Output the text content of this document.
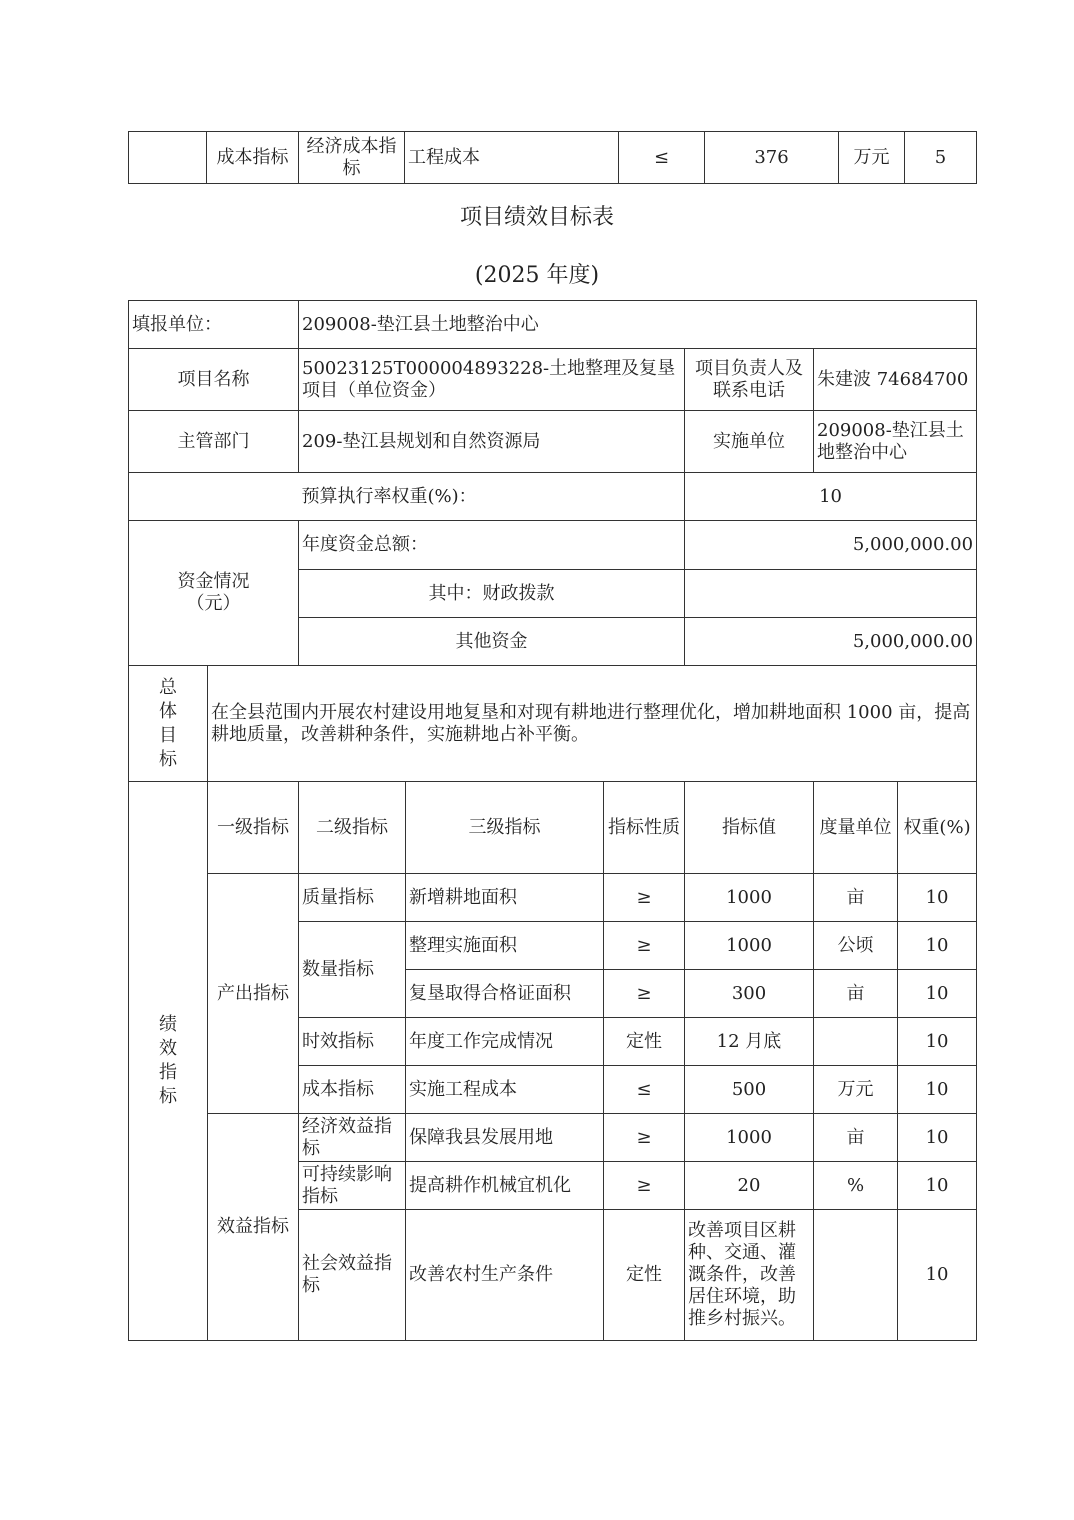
	成本指标	经济成本指标	工程成本	≤	376	万元	5
项目绩效目标表
(2025 年度)
填报单位：		209008-垫江县土地整治中心					
项目名称		50023125T000004893228-土地整理及复垦项目（单位资金）			项目负责人及联系电话	朱建波 74684700	
主管部门		209-垫江县规划和自然资源局			实施单位	209008-垫江县土地整治中心	
		预算执行率权重(%)：			10		

资金情况（元）		年度资金总额：			5,000,000.00		
		其中：财政拨款					
		其他资金			5,000,000.00		

总体目标	在全县范围内开展农村建设用地复垦和对现有耕地进行整理优化，增加耕地面积 1000 亩，提高耕地质量，改善耕种条件，实施耕地占补平衡。						

绩效指标	一级指标	二级指标	三级指标	指标性质	指标值	度量单位	权重(%)
	产出指标	质量指标	新增耕地面积	≥	1000	亩	10
		数量指标	整理实施面积	≥	1000	公顷	10
			复垦取得合格证面积	≥	300	亩	10
		时效指标	年度工作完成情况	定性	12 月底		10
		成本指标	实施工程成本	≤	500	万元	10
	效益指标	经济效益指标	保障我县发展用地	≥	1000	亩	10
		可持续影响指标	提高耕作机械宜机化	≥	20	%	10
		社会效益指标	改善农村生产条件	定性	改善项目区耕种、交通、灌溉条件，改善居住环境，助推乡村振兴。		10
